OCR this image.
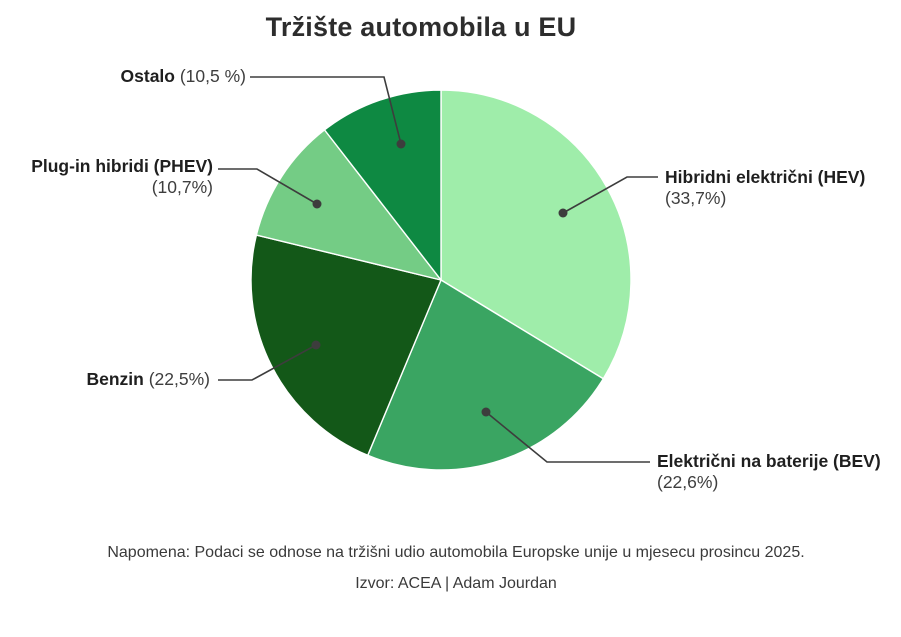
Tržište automobila u EU
Ostalo (10,5 %)
Plug-in hibridi (PHEV)
(10,7%)	Hibridni električni (HEV)
(33,7%)
Benzin (22,5%)
Električni na baterije (BEV)
(22,6%)
Napomena: Podaci se odnose na tržišni udio automobila Europske unije u mjesecu prosincu 2025.
Izvor: ACEA | Adam Jourdan
